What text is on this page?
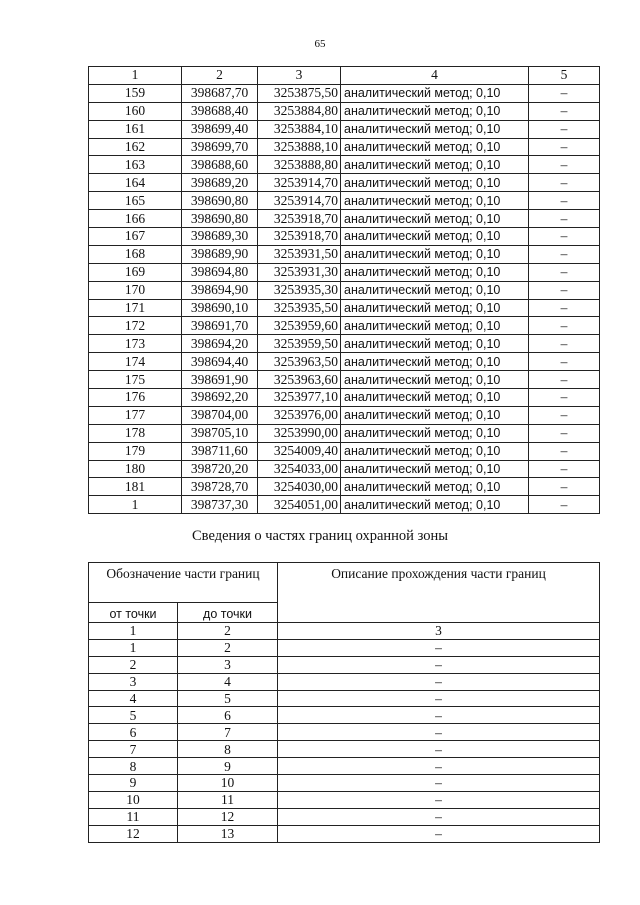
65
1	2	3	4	5
159	398687,70	3253875,50	аналитический метод; 0,10	–
160	398688,40	3253884,80	аналитический метод; 0,10	–
161	398699,40	3253884,10	аналитический метод; 0,10	–
162	398699,70	3253888,10	аналитический метод; 0,10	–
163	398688,60	3253888,80	аналитический метод; 0,10	–
164	398689,20	3253914,70	аналитический метод; 0,10	–
165	398690,80	3253914,70	аналитический метод; 0,10	–
166	398690,80	3253918,70	аналитический метод; 0,10	–
167	398689,30	3253918,70	аналитический метод; 0,10	–
168	398689,90	3253931,50	аналитический метод; 0,10	–
169	398694,80	3253931,30	аналитический метод; 0,10	–
170	398694,90	3253935,30	аналитический метод; 0,10	–
171	398690,10	3253935,50	аналитический метод; 0,10	–
172	398691,70	3253959,60	аналитический метод; 0,10	–
173	398694,20	3253959,50	аналитический метод; 0,10	–
174	398694,40	3253963,50	аналитический метод; 0,10	–
175	398691,90	3253963,60	аналитический метод; 0,10	–
176	398692,20	3253977,10	аналитический метод; 0,10	–
177	398704,00	3253976,00	аналитический метод; 0,10	–
178	398705,10	3253990,00	аналитический метод; 0,10	–
179	398711,60	3254009,40	аналитический метод; 0,10	–
180	398720,20	3254033,00	аналитический метод; 0,10	–
181	398728,70	3254030,00	аналитический метод; 0,10	–
1	398737,30	3254051,00	аналитический метод; 0,10	–
Сведения о частях границ охранной зоны
Обозначение части границ		Описание прохождения части границ
от точки	до точки	
1	2	3
1	2	–
2	3	–
3	4	–
4	5	–
5	6	–
6	7	–
7	8	–
8	9	–
9	10	–
10	11	–
11	12	–
12	13	–
